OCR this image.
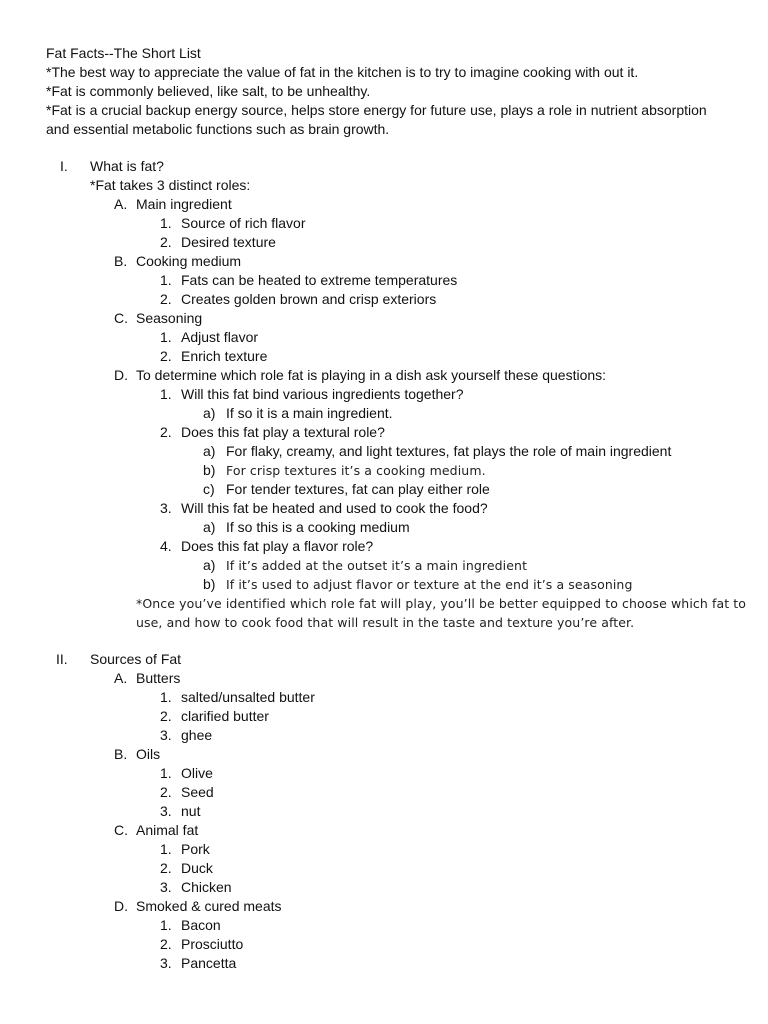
Fat Facts--The Short List
*The best way to appreciate the value of fat in the kitchen is to try to imagine cooking with out it.
*Fat is commonly believed, like salt, to be unhealthy.
*Fat is a crucial backup energy source, helps store energy for future use, plays a role in nutrient absorption
and essential metabolic functions such as brain growth.
I. What is fat?
*Fat takes 3 distinct roles:
A. Main ingredient
1. Source of rich flavor
2. Desired texture
B. Cooking medium
1. Fats can be heated to extreme temperatures
2. Creates golden brown and crisp exteriors
C. Seasoning
1. Adjust flavor
2. Enrich texture
D. To determine which role fat is playing in a dish ask yourself these questions:
1. Will this fat bind various ingredients together?
a) If so it is a main ingredient.
2. Does this fat play a textural role?
a) For flaky, creamy, and light textures, fat plays the role of main ingredient
b) For crisp textures it’s a cooking medium.
c) For tender textures, fat can play either role
3. Will this fat be heated and used to cook the food?
a) If so this is a cooking medium
4. Does this fat play a flavor role?
a) If it’s added at the outset it’s a main ingredient
b) If it’s used to adjust flavor or texture at the end it’s a seasoning
*Once you’ve identified which role fat will play, you’ll be better equipped to choose which fat to
use, and how to cook food that will result in the taste and texture you’re after.
II. Sources of Fat
A. Butters
1. salted/unsalted butter
2. clarified butter
3. ghee
B. Oils
1. Olive
2. Seed
3. nut
C. Animal fat
1. Pork
2. Duck
3. Chicken
D. Smoked & cured meats
1. Bacon
2. Prosciutto
3. Pancetta
